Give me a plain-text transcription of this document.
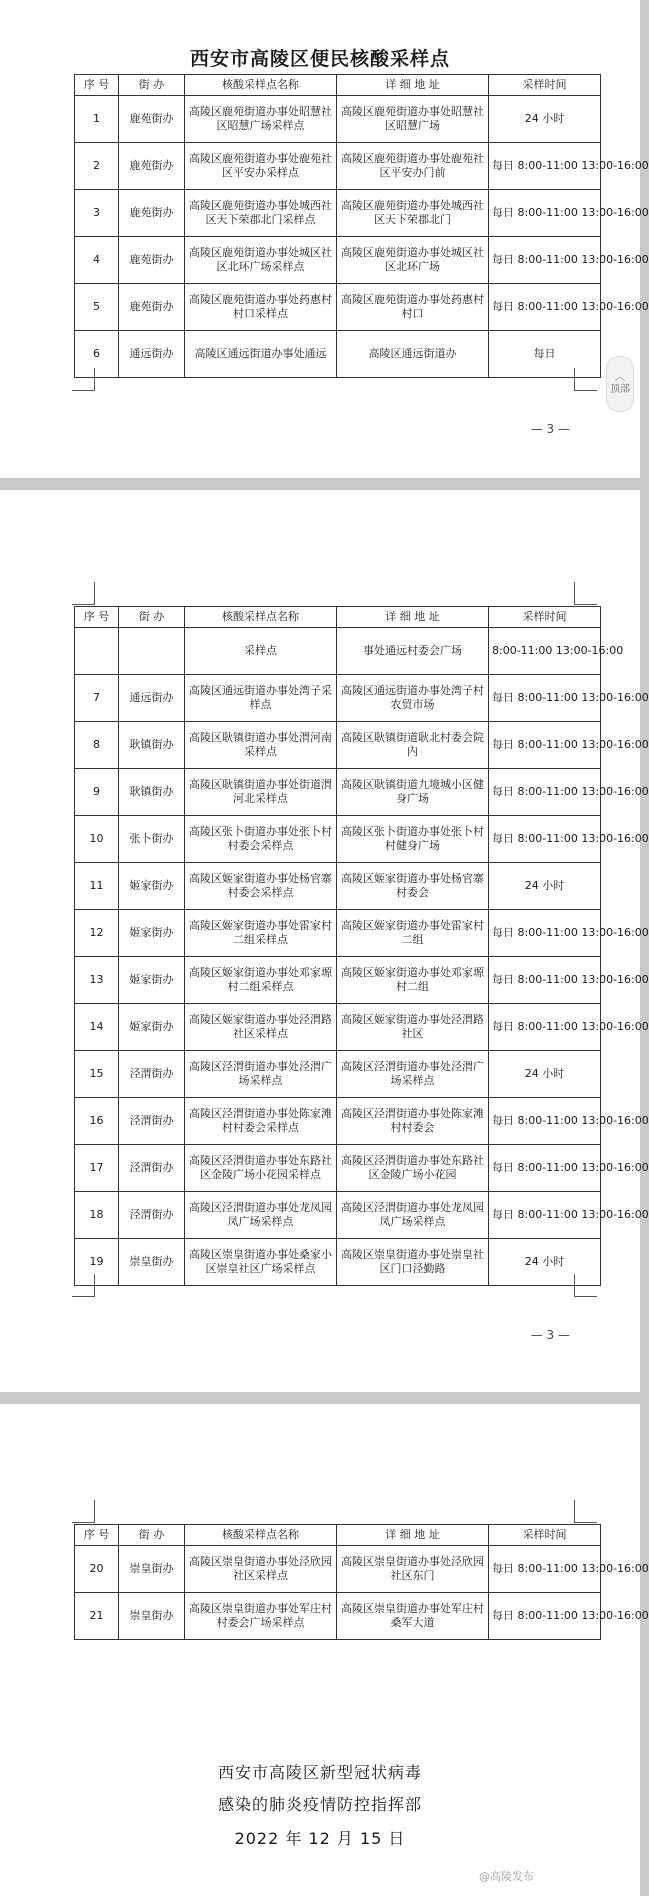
西安市高陵区便民核酸采样点
序 号	街 办	核酸采样点名称	详 细 地 址	采样时间
1	鹿苑街办	高陵区鹿苑街道办事处昭慧社区昭慧广场采样点	高陵区鹿苑街道办事处昭慧社区昭慧广场	24 小时
2	鹿苑街办	高陵区鹿苑街道办事处鹿苑社区平安办采样点	高陵区鹿苑街道办事处鹿苑社区平安办门前	每日 8:00-11:00 13:00-16:00
3	鹿苑街办	高陵区鹿苑街道办事处城西社区天下荣郡北门采样点	高陵区鹿苑街道办事处城西社区天下荣郡北门	每日 8:00-11:00 13:00-16:00
4	鹿苑街办	高陵区鹿苑街道办事处城区社区北环广场采样点	高陵区鹿苑街道办事处城区社区北环广场	每日 8:00-11:00 13:00-16:00
5	鹿苑街办	高陵区鹿苑街道办事处药惠村村口采样点	高陵区鹿苑街道办事处药惠村村口	每日 8:00-11:00 13:00-16:00
6	通远街办	高陵区通远街道办事处通远	高陵区通远街道办	每日
— 3 —
︿
顶部
序 号	街 办	核酸采样点名称	详 细 地 址	采样时间
		采样点	事处通远村委会广场	8:00-11:00 13:00-16:00
7	通远街办	高陵区通远街道办事处湾子采样点	高陵区通远街道办事处湾子村农贸市场	每日 8:00-11:00 13:00-16:00
8	耿镇街办	高陵区耿镇街道办事处渭河南采样点	高陵区耿镇街道耿北村委会院内	每日 8:00-11:00 13:00-16:00
9	耿镇街办	高陵区耿镇街道办事处街道渭河北采样点	高陵区耿镇街道九境城小区健身广场	每日 8:00-11:00 13:00-16:00
10	张卜街办	高陵区张卜街道办事处张卜村村委会采样点	高陵区张卜街道办事处张卜村村健身广场	每日 8:00-11:00 13:00-16:00
11	姬家街办	高陵区姬家街道办事处杨官寨村委会采样点	高陵区姬家街道办事处杨官寨村委会	24 小时
12	姬家街办	高陵区姬家街道办事处雷家村二组采样点	高陵区姬家街道办事处雷家村二组	每日 8:00-11:00 13:00-16:00
13	姬家街办	高陵区姬家街道办事处邓家塬村二组采样点	高陵区姬家街道办事处邓家塬村二组	每日 8:00-11:00 13:00-16:00
14	姬家街办	高陵区姬家街道办事处泾渭路社区采样点	高陵区姬家街道办事处泾渭路社区	每日 8:00-11:00 13:00-16:00
15	泾渭街办	高陵区泾渭街道办事处泾渭广场采样点	高陵区泾渭街道办事处泾渭广场采样点	24 小时
16	泾渭街办	高陵区泾渭街道办事处陈家滩村村委会采样点	高陵区泾渭街道办事处陈家滩村村委会	每日 8:00-11:00 13:00-16:00
17	泾渭街办	高陵区泾渭街道办事处东路社区金陵广场小花园采样点	高陵区泾渭街道办事处东路社区金陵广场小花园	每日 8:00-11:00 13:00-16:00
18	泾渭街办	高陵区泾渭街道办事处龙凤园凤广场采样点	高陵区泾渭街道办事处龙凤园凤广场采样点	每日 8:00-11:00 13:00-16:00
19	崇皇街办	高陵区崇皇街道办事处桑家小区崇皇社区广场采样点	高陵区崇皇街道办事处崇皇社区门口泾勤路	24 小时
— 3 —
序 号	街 办	核酸采样点名称	详 细 地 址	采样时间
20	崇皇街办	高陵区崇皇街道办事处泾欣园社区采样点	高陵区崇皇街道办事处泾欣园社区东门	每日 8:00-11:00 13:00-16:00
21	崇皇街办	高陵区崇皇街道办事处军庄村村委会广场采样点	高陵区崇皇街道办事处军庄村桑军大道	每日 8:00-11:00 13:00-16:00
西安市高陵区新型冠状病毒
感染的肺炎疫情防控指挥部
2022 年 12 月 15 日
@高陵发布
